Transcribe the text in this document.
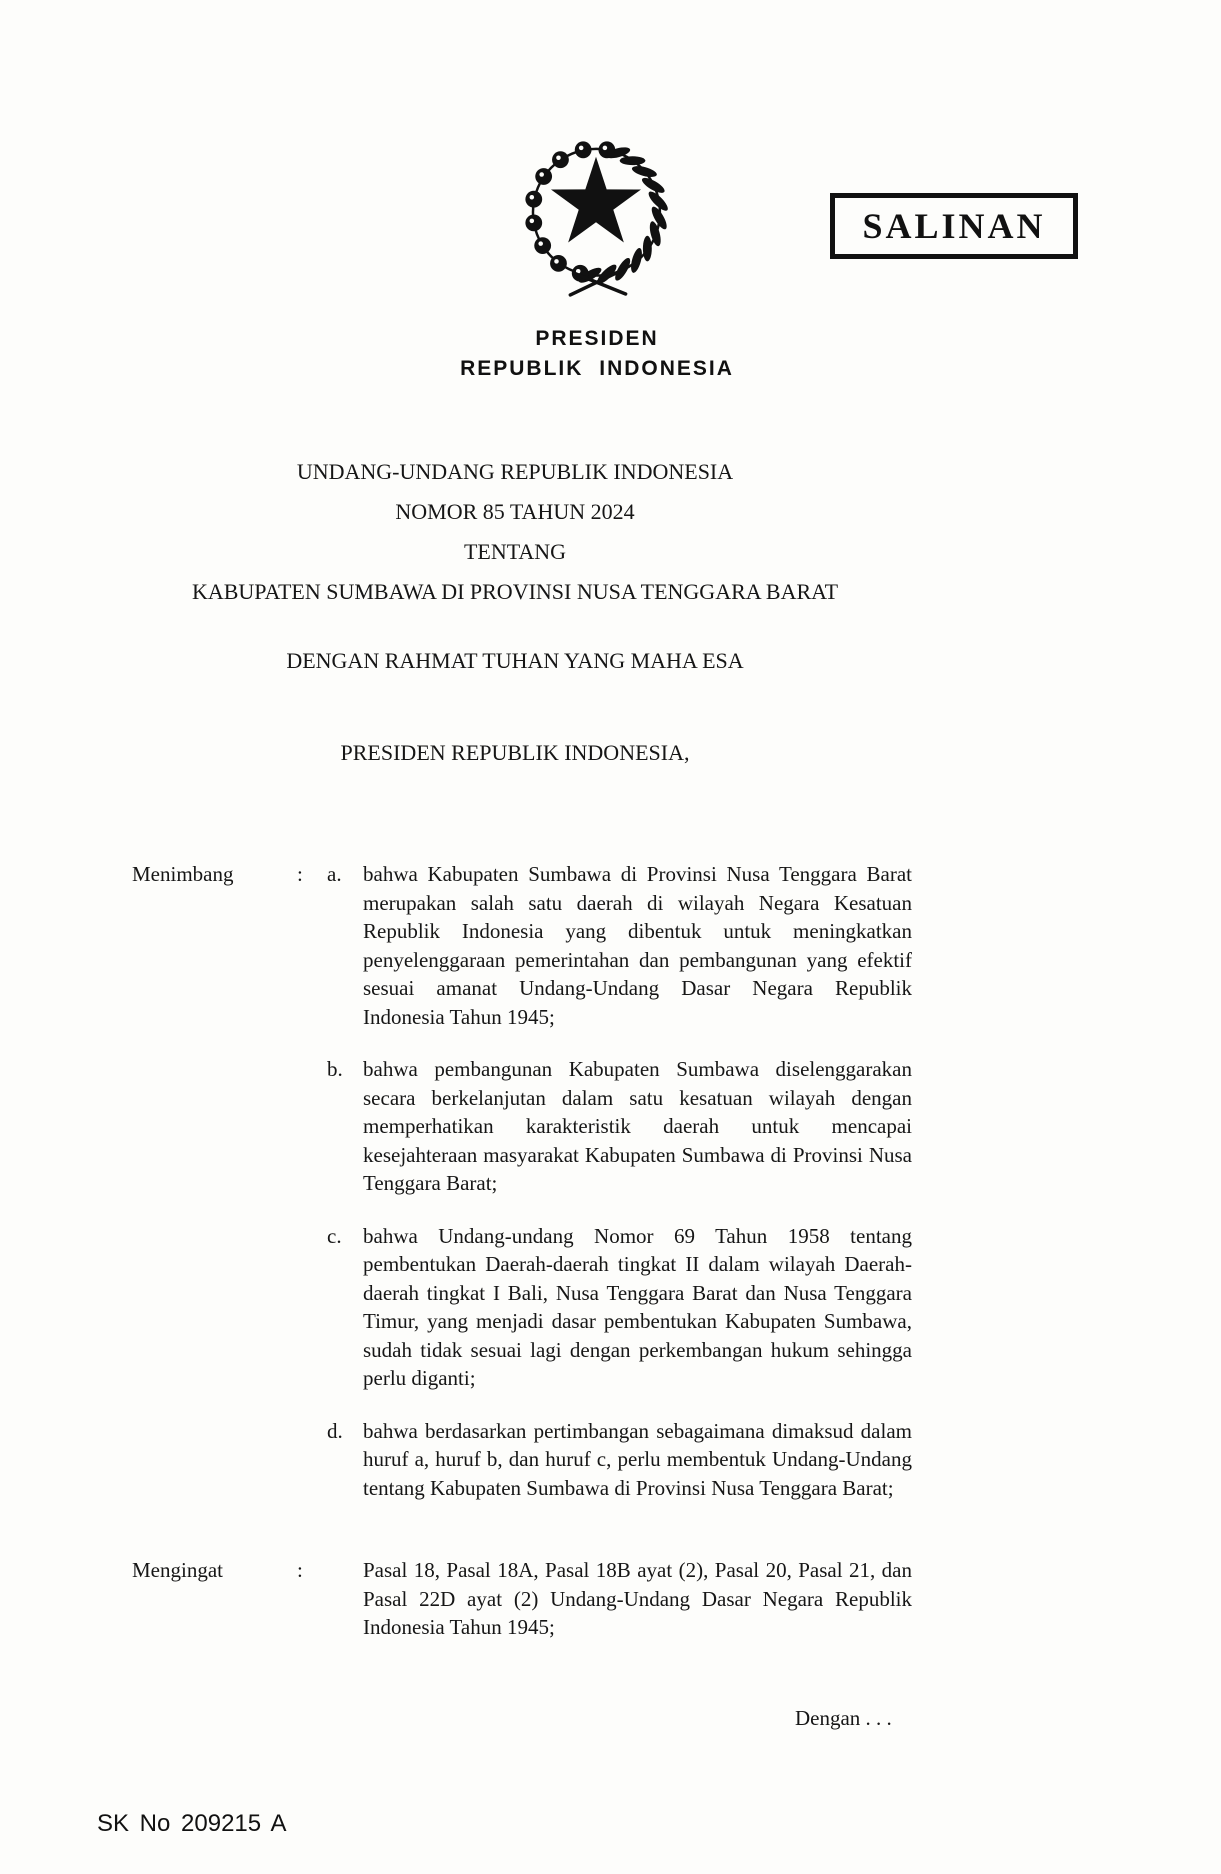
PRESIDEN
REPUBLIK INDONESIA
SALINAN
UNDANG-UNDANG REPUBLIK INDONESIA
NOMOR 85 TAHUN 2024
TENTANG
KABUPATEN SUMBAWA DI PROVINSI NUSA TENGGARA BARAT
DENGAN RAHMAT TUHAN YANG MAHA ESA
PRESIDEN REPUBLIK INDONESIA,
Menimbang	:	a.	bahwa Kabupaten Sumbawa di Provinsi Nusa Tenggara Barat merupakan salah satu daerah di wilayah Negara Kesatuan Republik Indonesia yang dibentuk untuk meningkatkan penyelenggaraan pemerintahan dan pembangunan yang efektif sesuai amanat Undang-Undang Dasar Negara Republik Indonesia Tahun 1945;
b. bahwa pembangunan Kabupaten Sumbawa diselenggarakan secara berkelanjutan dalam satu kesatuan wilayah dengan memperhatikan karakteristik daerah untuk mencapai kesejahteraan masyarakat Kabupaten Sumbawa di Provinsi Nusa Tenggara Barat;
c.	bahwa Undang-undang Nomor 69 Tahun 1958 tentang pembentukan Daerah-daerah tingkat II dalam wilayah Daerah-daerah tingkat I Bali, Nusa Tenggara Barat dan Nusa Tenggara Timur, yang menjadi dasar pembentukan Kabupaten Sumbawa, sudah tidak sesuai lagi dengan perkembangan hukum sehingga perlu diganti;
d. bahwa berdasarkan pertimbangan sebagaimana dimaksud dalam huruf a, huruf b, dan huruf c, perlu membentuk Undang-Undang tentang Kabupaten Sumbawa di Provinsi Nusa Tenggara Barat;
Mengingat	:	Pasal 18, Pasal 18A, Pasal 18B ayat (2), Pasal 20, Pasal 21, dan Pasal 22D ayat (2) Undang-Undang Dasar Negara Republik Indonesia Tahun 1945;
Dengan . . .
SK No 209215 A
